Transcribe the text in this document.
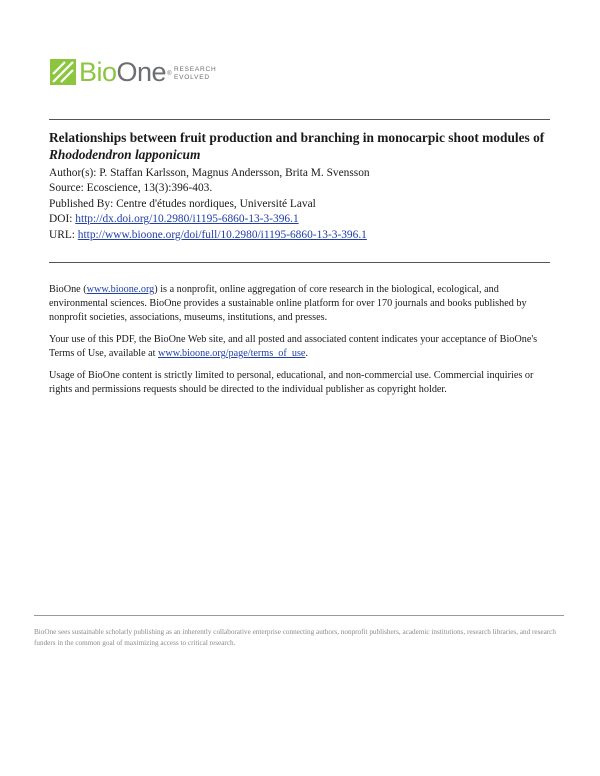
BioOne®
RESEARCH
EVOLVED
Relationships between fruit production and branching in monocarpic shoot modules of Rhododendron lapponicum
Author(s): P. Staffan Karlsson, Magnus Andersson, Brita M. Svensson
Source: Ecoscience, 13(3):396-403.
Published By: Centre d'études nordiques, Université Laval
DOI: http://dx.doi.org/10.2980/i1195-6860-13-3-396.1
URL: http://www.bioone.org/doi/full/10.2980/i1195-6860-13-3-396.1

BioOne (www.bioone.org) is a nonprofit, online aggregation of core research in the biological, ecological, and environmental sciences. BioOne provides a sustainable online platform for over 170 journals and books published by nonprofit societies, associations, museums, institutions, and presses.

Your use of this PDF, the BioOne Web site, and all posted and associated content indicates your acceptance of BioOne's Terms of Use, available at www.bioone.org/page/terms_of_use.

Usage of BioOne content is strictly limited to personal, educational, and non-commercial use. Commercial inquiries or rights and permissions requests should be directed to the individual publisher as copyright holder.

BioOne sees sustainable scholarly publishing as an inherently collaborative enterprise connecting authors, nonprofit publishers, academic institutions, research libraries, and research funders in the common goal of maximizing access to critical research.
